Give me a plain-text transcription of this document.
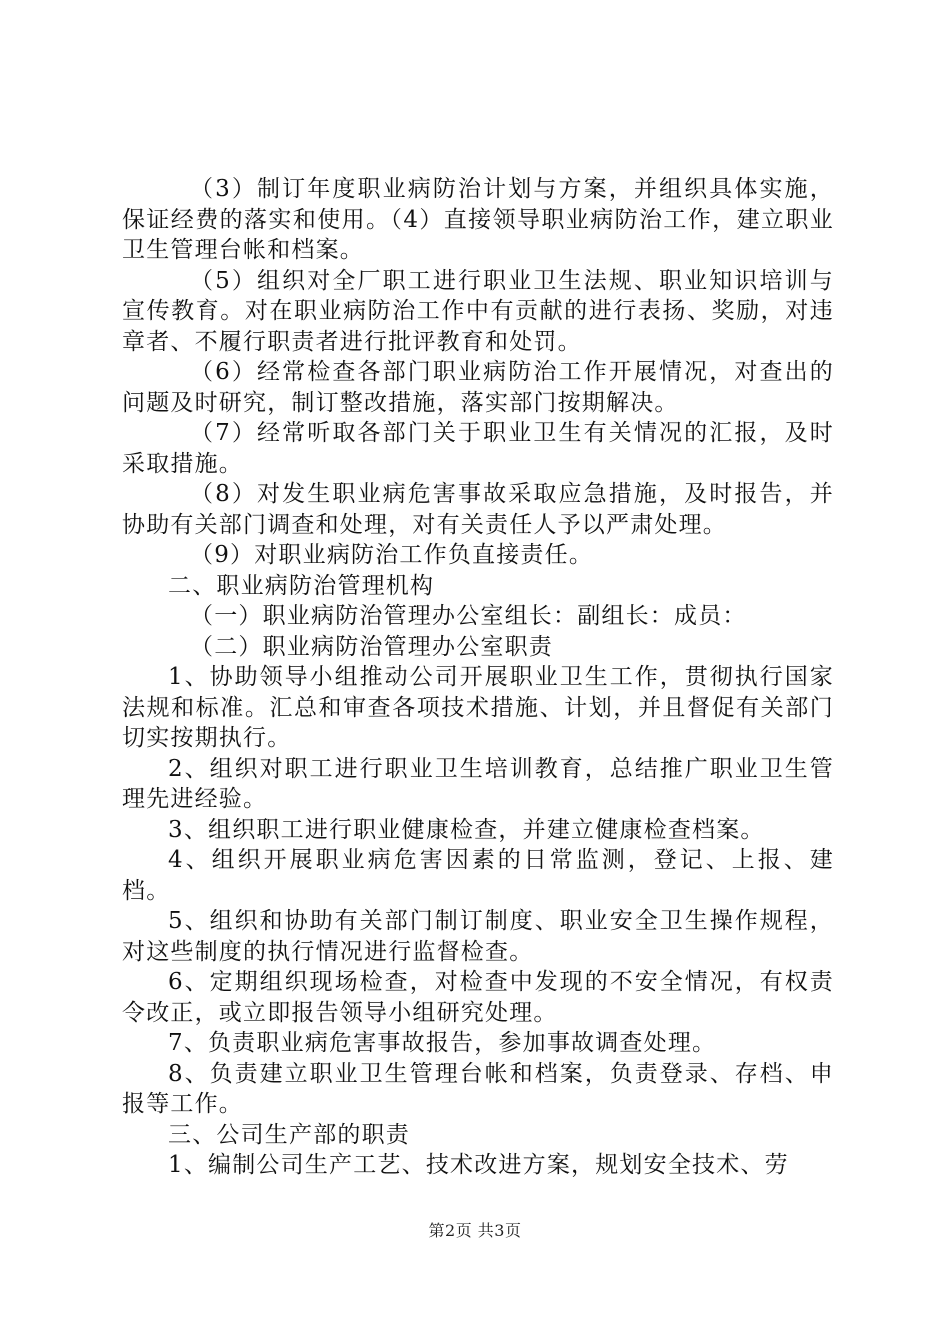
（3）制订年度职业病防治计划与方案，并组织具体实施，保证经费的落实和使用。（4）直接领导职业病防治工作，建立职业卫生管理台帐和档案。

（5）组织对全厂职工进行职业卫生法规、职业知识培训与宣传教育。对在职业病防治工作中有贡献的进行表扬、奖励，对违章者、不履行职责者进行批评教育和处罚。

（6）经常检查各部门职业病防治工作开展情况，对查出的问题及时研究，制订整改措施，落实部门按期解决。

（7）经常听取各部门关于职业卫生有关情况的汇报，及时采取措施。

（8）对发生职业病危害事故采取应急措施，及时报告，并协助有关部门调查和处理，对有关责任人予以严肃处理。

（9）对职业病防治工作负直接责任。

二、职业病防治管理机构

（一）职业病防治管理办公室组长：副组长：成员：

（二）职业病防治管理办公室职责

1、协助领导小组推动公司开展职业卫生工作，贯彻执行国家法规和标准。汇总和审查各项技术措施、计划，并且督促有关部门切实按期执行。

2、组织对职工进行职业卫生培训教育，总结推广职业卫生管理先进经验。

3、组织职工进行职业健康检查，并建立健康检查档案。

4、组织开展职业病危害因素的日常监测，登记、上报、建档。

5、组织和协助有关部门制订制度、职业安全卫生操作规程，对这些制度的执行情况进行监督检查。

6、定期组织现场检查，对检查中发现的不安全情况，有权责令改正，或立即报告领导小组研究处理。

7、负责职业病危害事故报告，参加事故调查处理。

8、负责建立职业卫生管理台帐和档案，负责登录、存档、申报等工作。

三、公司生产部的职责

1、编制公司生产工艺、技术改进方案，规划安全技术、劳

第2页 共3页
